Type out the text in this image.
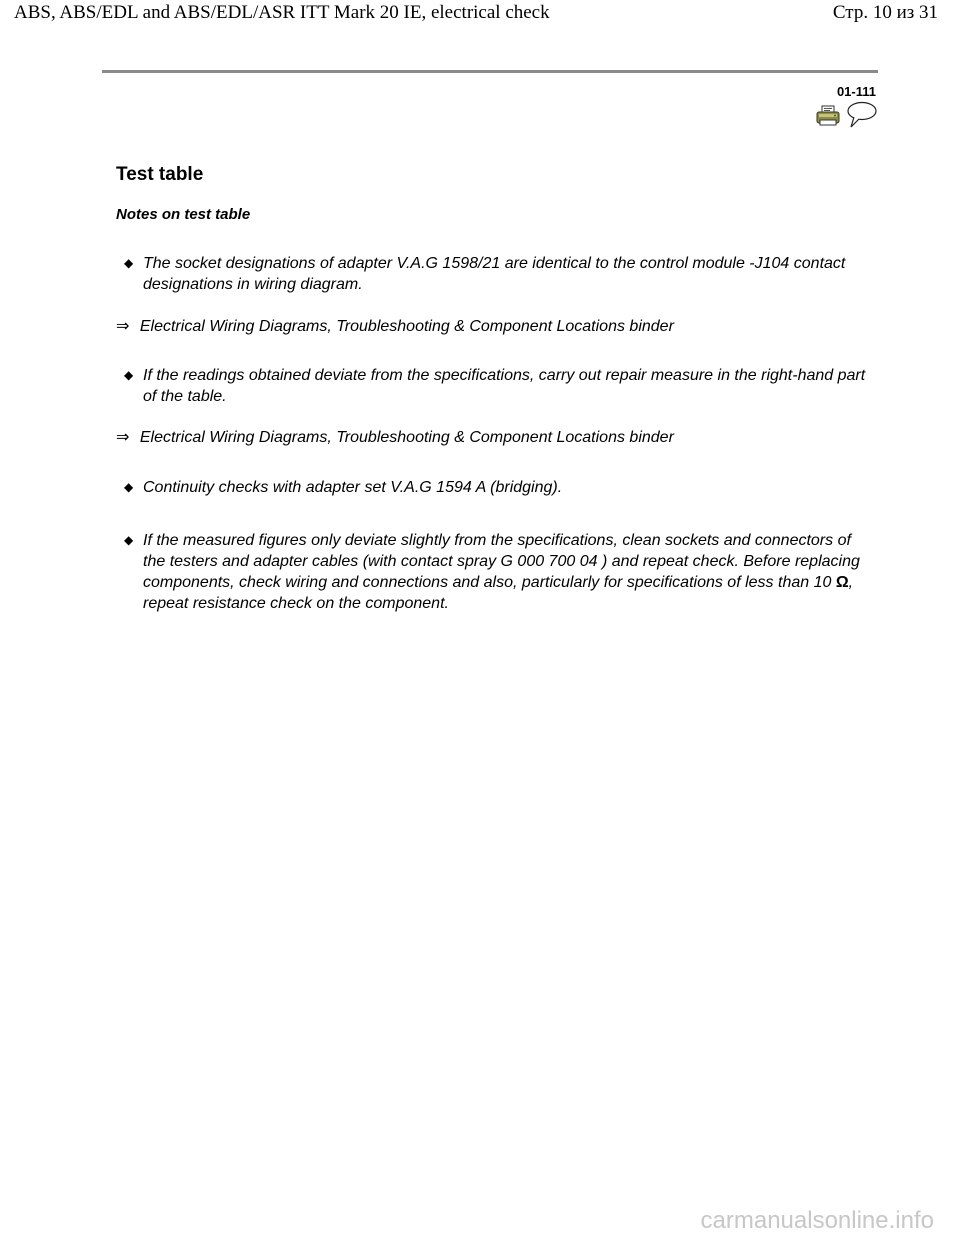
ABS, ABS/EDL and ABS/EDL/ASR ITT Mark 20 IE, electrical check	Стр. 10 из 31
01-111
Test table
Notes on test table
◆ The socket designations of adapter V.A.G 1598/21 are identical to the control module -J104 contact designations in wiring diagram.
⇒ Electrical Wiring Diagrams, Troubleshooting & Component Locations binder
◆ If the readings obtained deviate from the specifications, carry out repair measure in the right-hand part of the table.
⇒ Electrical Wiring Diagrams, Troubleshooting & Component Locations binder
◆ Continuity checks with adapter set V.A.G 1594 A (bridging).
◆ If the measured figures only deviate slightly from the specifications, clean sockets and connectors of the testers and adapter cables (with contact spray G 000 700 04 ) and repeat check. Before replacing components, check wiring and connections and also, particularly for specifications of less than 10 Ω, repeat resistance check on the component.
carmanualsonline.info
